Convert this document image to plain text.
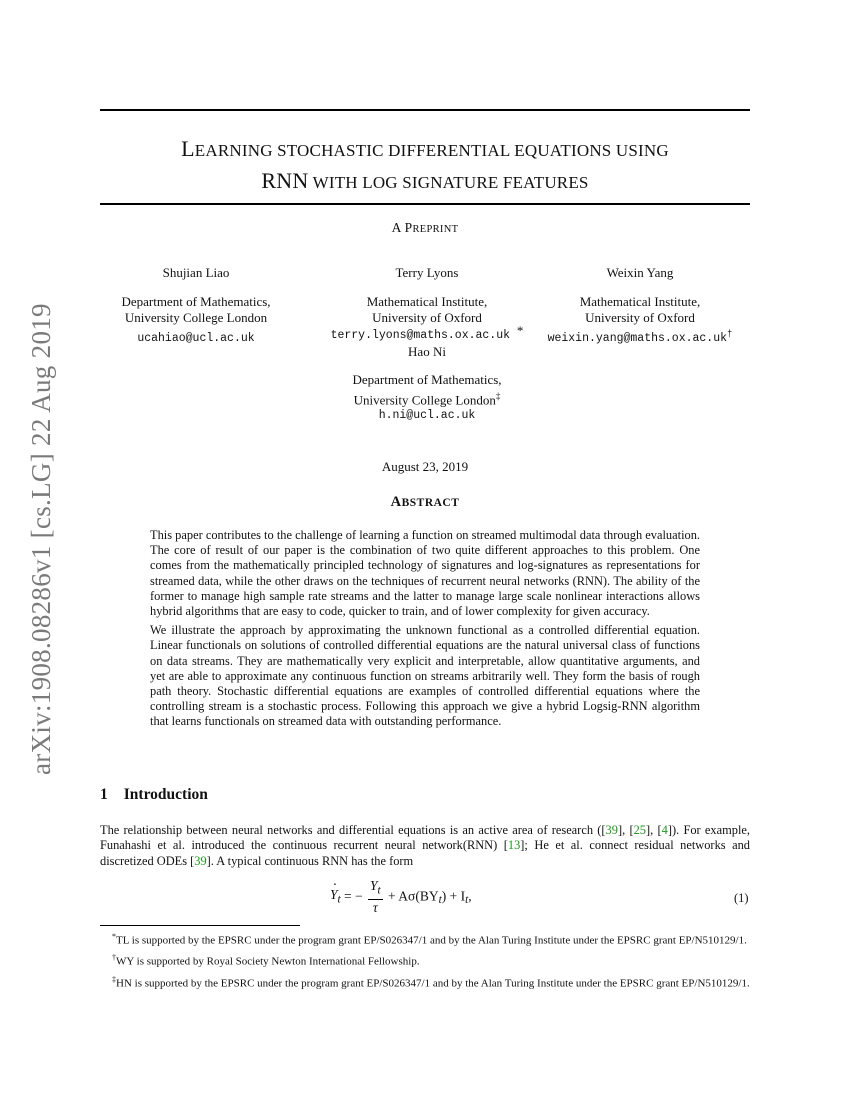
arXiv:1908.08286v1 [cs.LG] 22 Aug 2019
LEARNING STOCHASTIC DIFFERENTIAL EQUATIONS USING
RNN WITH LOG SIGNATURE FEATURES
A PREPRINT
Shujian Liao
Department of Mathematics,
University College London
ucahiao@ucl.ac.uk
Terry Lyons
Mathematical Institute,
University of Oxford
terry.lyons@maths.ox.ac.uk *
Weixin Yang
Mathematical Institute,
University of Oxford
weixin.yang@maths.ox.ac.uk†
Hao Ni
Department of Mathematics,
University College London‡
h.ni@ucl.ac.uk
August 23, 2019
ABSTRACT

This paper contributes to the challenge of learning a function on streamed multimodal data through evaluation. The core of result of our paper is the combination of two quite different approaches to this problem. One comes from the mathematically principled technology of signatures and log-signatures as representations for streamed data, while the other draws on the techniques of recurrent neural networks (RNN). The ability of the former to manage high sample rate streams and the latter to manage large scale nonlinear interactions allows hybrid algorithms that are easy to code, quicker to train, and of lower complexity for given accuracy.

We illustrate the approach by approximating the unknown functional as a controlled differential equation. Linear functionals on solutions of controlled differential equations are the natural universal class of functions on data streams. They are mathematically very explicit and interpretable, allow quantitative arguments, and yet are able to approximate any continuous function on streams arbitrarily well. They form the basis of rough path theory. Stochastic differential equations are examples of controlled differential equations where the controlling stream is a stochastic process. Following this approach we give a hybrid Logsig-RNN algorithm that learns functionals on streamed data with outstanding performance.

1 Introduction

The relationship between neural networks and differential equations is an active area of research ([39], [25], [4]). For example, Funahashi et al. introduced the continuous recurrent neural network(RNN) [13]; He et al. connect residual networks and discretized ODEs [39]. A typical continuous RNN has the form

· $Y_t$ = − $\frac{Y_t}{\tau} + A\sigma(BY_t) + I_t$,	(1)

*TL is supported by the EPSRC under the program grant EP/S026347/1 and by the Alan Turing Institute under the EPSRC grant EP/N510129/1.

†WY is supported by Royal Society Newton International Fellowship.

‡HN is supported by the EPSRC under the program grant EP/S026347/1 and by the Alan Turing Institute under the EPSRC grant EP/N510129/1.
